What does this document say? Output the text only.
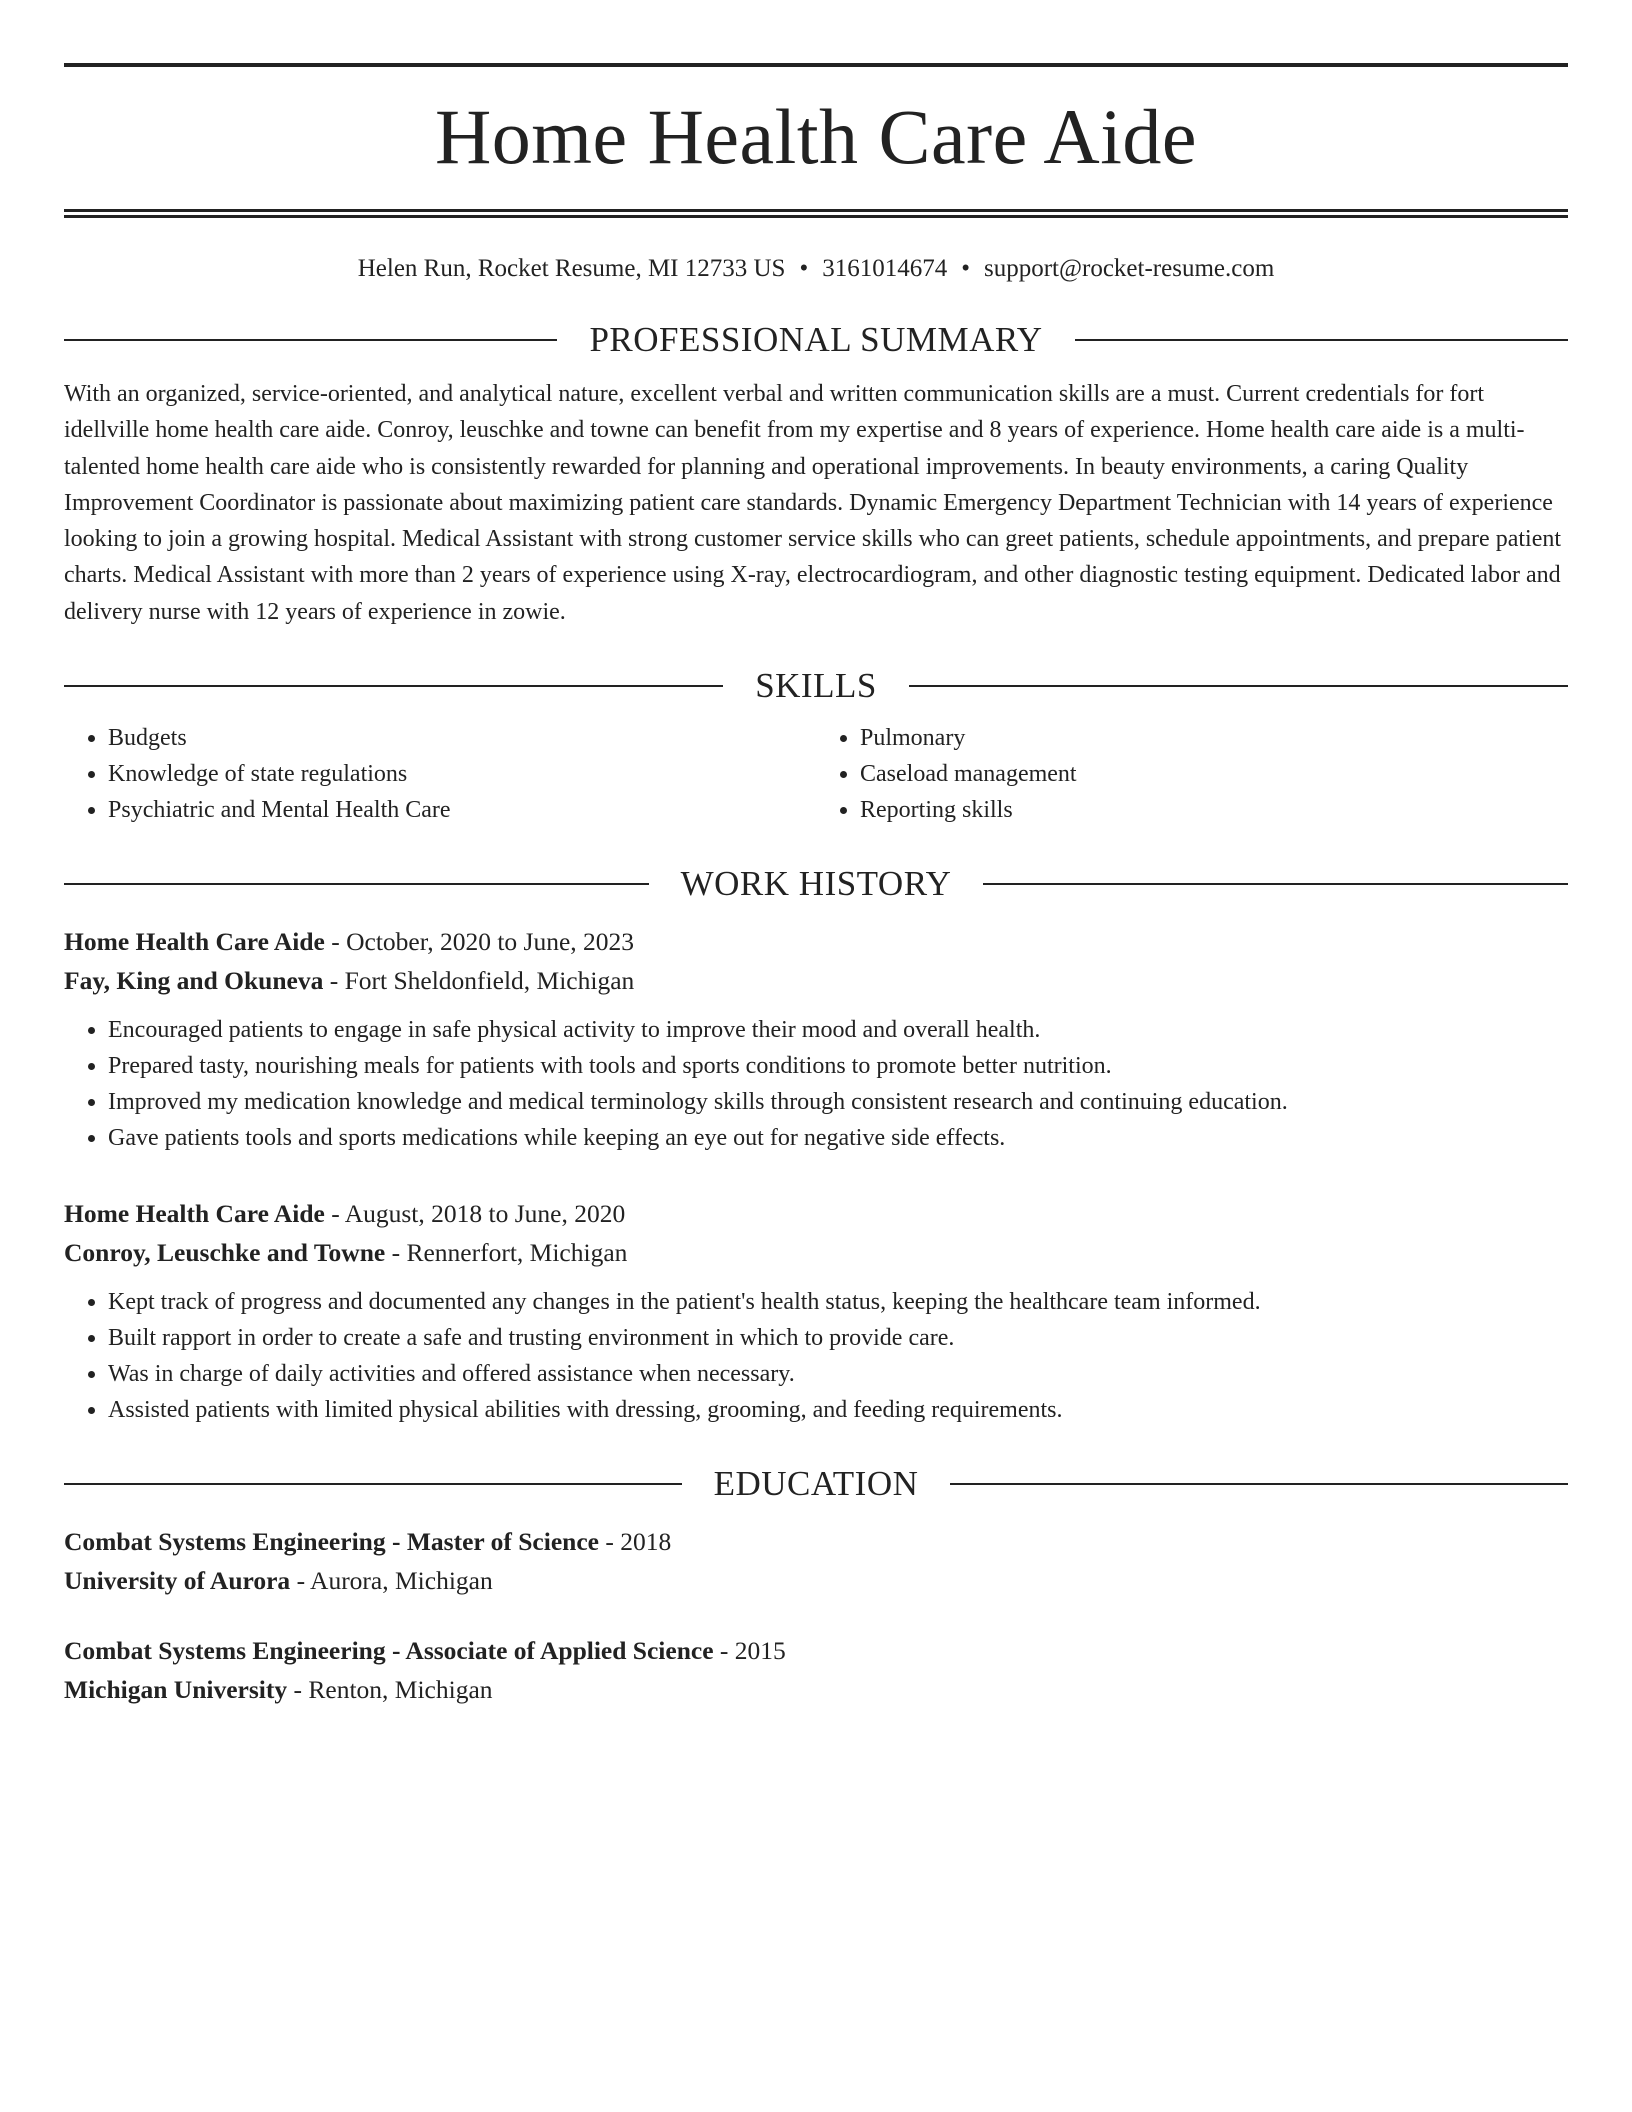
Home Health Care Aide
Helen Run, Rocket Resume, MI 12733 US • 3161014674 • support@rocket-resume.com
PROFESSIONAL SUMMARY
With an organized, service-oriented, and analytical nature, excellent verbal and written communication skills are a must. Current credentials for fort idellville home health care aide. Conroy, leuschke and towne can benefit from my expertise and 8 years of experience. Home health care aide is a multi-talented home health care aide who is consistently rewarded for planning and operational improvements. In beauty environments, a caring Quality Improvement Coordinator is passionate about maximizing patient care standards. Dynamic Emergency Department Technician with 14 years of experience looking to join a growing hospital. Medical Assistant with strong customer service skills who can greet patients, schedule appointments, and prepare patient charts. Medical Assistant with more than 2 years of experience using X-ray, electrocardiogram, and other diagnostic testing equipment. Dedicated labor and delivery nurse with 12 years of experience in zowie.
SKILLS
• Budgets
• Knowledge of state regulations
• Psychiatric and Mental Health Care
• Pulmonary
• Caseload management
• Reporting skills
WORK HISTORY
Home Health Care Aide - October, 2020 to June, 2023
Fay, King and Okuneva - Fort Sheldonfield, Michigan
• Encouraged patients to engage in safe physical activity to improve their mood and overall health.
• Prepared tasty, nourishing meals for patients with tools and sports conditions to promote better nutrition.
• Improved my medication knowledge and medical terminology skills through consistent research and continuing education.
• Gave patients tools and sports medications while keeping an eye out for negative side effects.
Home Health Care Aide - August, 2018 to June, 2020
Conroy, Leuschke and Towne - Rennerfort, Michigan
• Kept track of progress and documented any changes in the patient's health status, keeping the healthcare team informed.
• Built rapport in order to create a safe and trusting environment in which to provide care.
• Was in charge of daily activities and offered assistance when necessary.
• Assisted patients with limited physical abilities with dressing, grooming, and feeding requirements.
EDUCATION
Combat Systems Engineering - Master of Science - 2018
University of Aurora - Aurora, Michigan
Combat Systems Engineering - Associate of Applied Science - 2015
Michigan University - Renton, Michigan
